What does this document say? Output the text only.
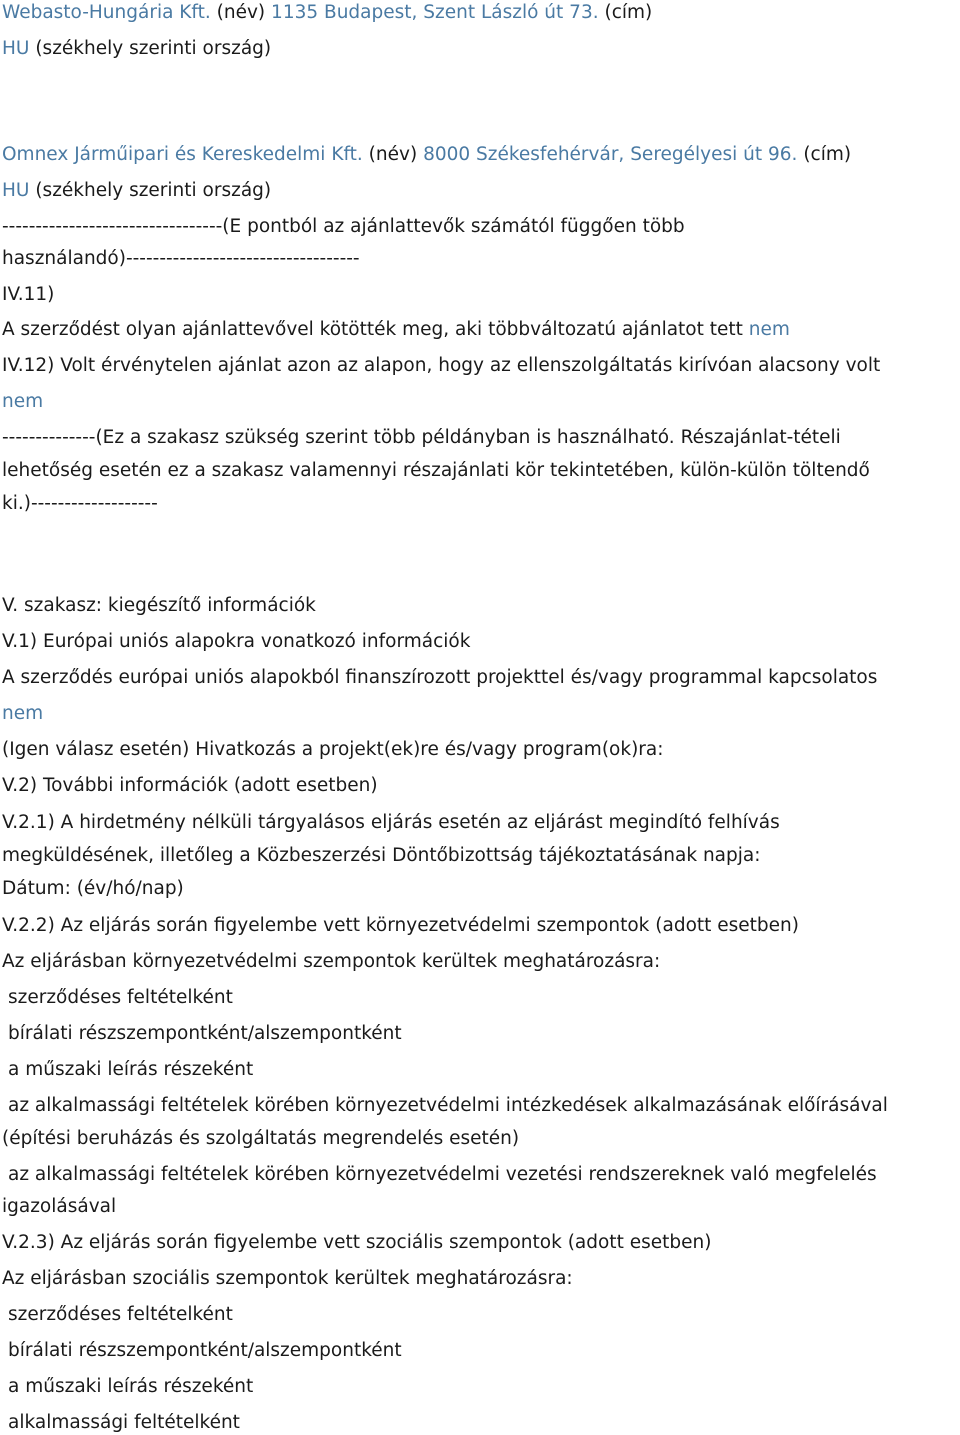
Webasto-Hungária Kft. (név) 1135 Budapest, Szent László út 73. (cím)
HU (székhely szerinti ország)
Omnex Járműipari és Kereskedelmi Kft. (név) 8000 Székesfehérvár, Seregélyesi út 96. (cím)
HU (székhely szerinti ország)
---------------------------------(E pontból az ajánlattevők számától függően több
használandó)-----------------------------------
IV.11)
A szerződést olyan ajánlattevővel kötötték meg, aki többváltozatú ajánlatot tett nem
IV.12) Volt érvénytelen ajánlat azon az alapon, hogy az ellenszolgáltatás kirívóan alacsony volt
nem
--------------(Ez a szakasz szükség szerint több példányban is használható. Részajánlat-tételi
lehetőség esetén ez a szakasz valamennyi részajánlati kör tekintetében, külön-külön töltendő
ki.)-------------------
V. szakasz: kiegészítő információk
V.1) Európai uniós alapokra vonatkozó információk
A szerződés európai uniós alapokból finanszírozott projekttel és/vagy programmal kapcsolatos
nem
(Igen válasz esetén) Hivatkozás a projekt(ek)re és/vagy program(ok)ra:
V.2) További információk (adott esetben)
V.2.1) A hirdetmény nélküli tárgyalásos eljárás esetén az eljárást megindító felhívás
megküldésének, illetőleg a Közbeszerzési Döntőbizottság tájékoztatásának napja:
Dátum: (év/hó/nap)
V.2.2) Az eljárás során figyelembe vett környezetvédelmi szempontok (adott esetben)
Az eljárásban környezetvédelmi szempontok kerültek meghatározásra:
szerződéses feltételként
bírálati részszempontként/alszempontként
a műszaki leírás részeként
az alkalmassági feltételek körében környezetvédelmi intézkedések alkalmazásának előírásával
(építési beruházás és szolgáltatás megrendelés esetén)
az alkalmassági feltételek körében környezetvédelmi vezetési rendszereknek való megfelelés
igazolásával
V.2.3) Az eljárás során figyelembe vett szociális szempontok (adott esetben)
Az eljárásban szociális szempontok kerültek meghatározásra:
szerződéses feltételként
bírálati részszempontként/alszempontként
a műszaki leírás részeként
alkalmassági feltételként
